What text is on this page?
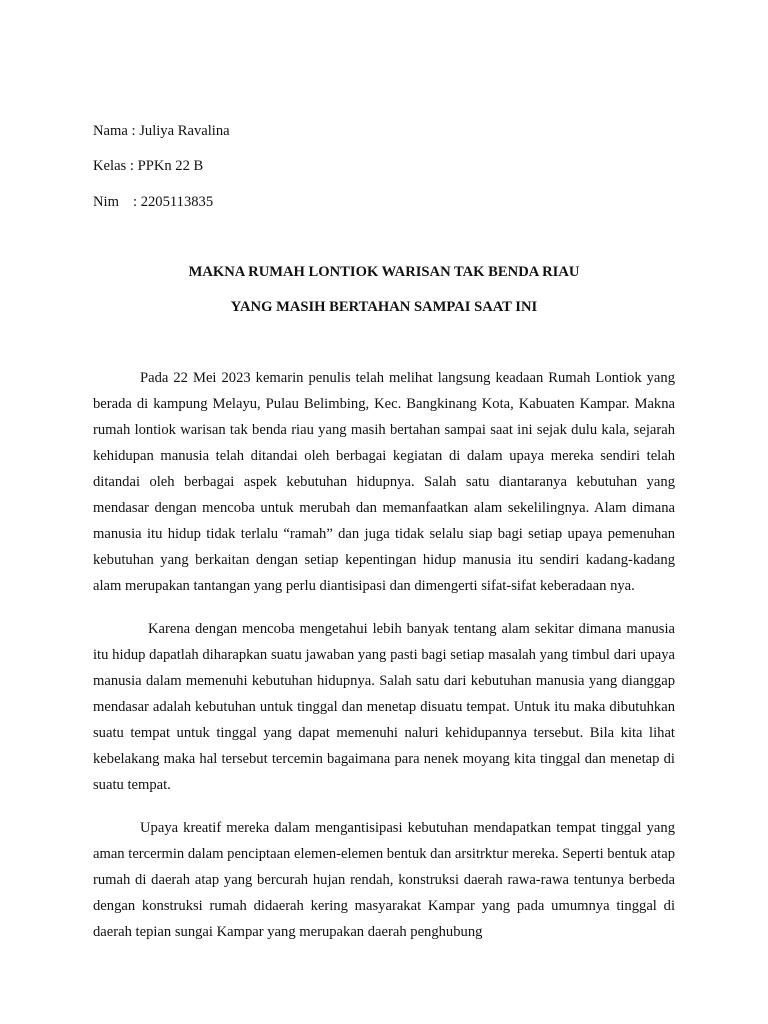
Nama : Juliya Ravalina
Kelas : PPKn 22 B
Nim : 2205113835
MAKNA RUMAH LONTIOK WARISAN TAK BENDA RIAU
YANG MASIH BERTAHAN SAMPAI SAAT INI

Pada 22 Mei 2023 kemarin penulis telah melihat langsung keadaan Rumah Lontiok yang berada di kampung Melayu, Pulau Belimbing, Kec. Bangkinang Kota, Kabuaten Kampar. Makna rumah lontiok warisan tak benda riau yang masih bertahan sampai saat ini sejak dulu kala, sejarah kehidupan manusia telah ditandai oleh berbagai kegiatan di dalam upaya mereka sendiri telah ditandai oleh berbagai aspek kebutuhan hidupnya. Salah satu diantaranya kebutuhan yang mendasar dengan mencoba untuk merubah dan memanfaatkan alam sekelilingnya. Alam dimana manusia itu hidup tidak terlalu “ramah” dan juga tidak selalu siap bagi setiap upaya pemenuhan kebutuhan yang berkaitan dengan setiap kepentingan hidup manusia itu sendiri kadang-kadang alam merupakan tantangan yang perlu diantisipasi dan dimengerti sifat-sifat keberadaan nya.

Karena dengan mencoba mengetahui lebih banyak tentang alam sekitar dimana manusia itu hidup dapatlah diharapkan suatu jawaban yang pasti bagi setiap masalah yang timbul dari upaya manusia dalam memenuhi kebutuhan hidupnya. Salah satu dari kebutuhan manusia yang dianggap mendasar adalah kebutuhan untuk tinggal dan menetap disuatu tempat. Untuk itu maka dibutuhkan suatu tempat untuk tinggal yang dapat memenuhi naluri kehidupannya tersebut. Bila kita lihat kebelakang maka hal tersebut tercemin bagaimana para nenek moyang kita tinggal dan menetap di suatu tempat.

Upaya kreatif mereka dalam mengantisipasi kebutuhan mendapatkan tempat tinggal yang aman tercermin dalam penciptaan elemen-elemen bentuk dan arsitrktur mereka. Seperti bentuk atap rumah di daerah atap yang bercurah hujan rendah, konstruksi daerah rawa-rawa tentunya berbeda dengan konstruksi rumah didaerah kering masyarakat Kampar yang pada umumnya tinggal di daerah tepian sungai Kampar yang merupakan daerah penghubung
